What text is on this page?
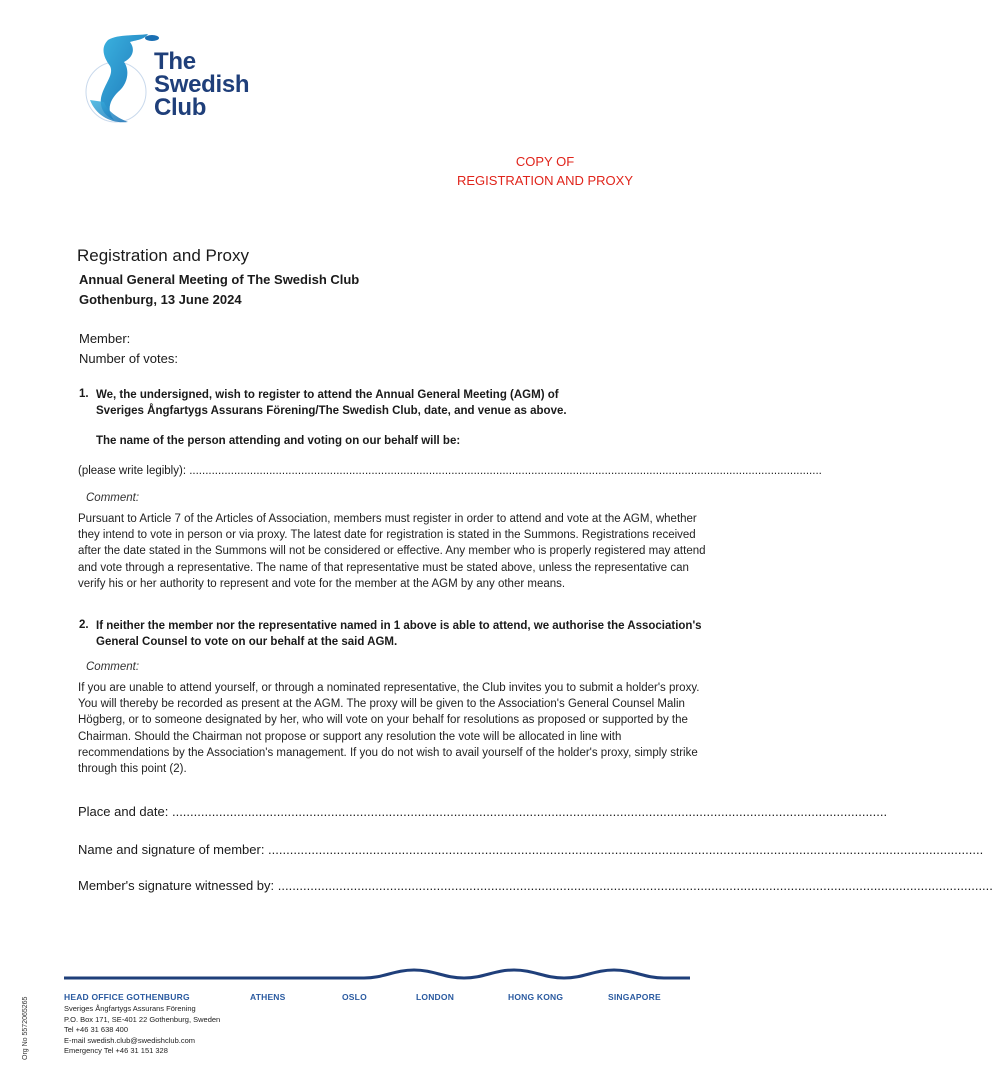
The
Swedish
Club
COPY OF
REGISTRATION AND PROXY
Registration and Proxy
Annual General Meeting of The Swedish Club
Gothenburg, 13 June 2024
Member:
Number of votes:
1. We, the undersigned, wish to register to attend the Annual General Meeting (AGM) of
Sveriges Ångfartygs Assurans Förening/The Swedish Club, date, and venue as above.
The name of the person attending and voting on our behalf will be:
(please write legibly): ......................................................................................................................................................................................................
Comment:
Pursuant to Article 7 of the Articles of Association, members must register in order to attend and vote at the AGM, whether they intend to vote in person or via proxy. The latest date for registration is stated in the Summons. Registrations received after the date stated in the Summons will not be considered or effective. Any member who is properly registered may attend and vote through a representative. The name of that representative must be stated above, unless the representative can verify his or her authority to represent and vote for the member at the AGM by any other means.
2. If neither the member nor the representative named in 1 above is able to attend, we authorise the Association's
General Counsel to vote on our behalf at the said AGM.
Comment:
If you are unable to attend yourself, or through a nominated representative, the Club invites you to submit a holder's proxy. You will thereby be recorded as present at the AGM. The proxy will be given to the Association's General Counsel Malin Högberg, or to someone designated by her, who will vote on your behalf for resolutions as proposed or supported by the Chairman. Should the Chairman not propose or support any resolution the vote will be allocated in line with recommendations by the Association's management. If you do not wish to avail yourself of the holder's proxy, simply strike through this point (2).
Place and date: ......................................................................................................................................................................................................
Name and signature of member: ......................................................................................................................................................................................................
Member's signature witnessed by: ......................................................................................................................................................................................................
HEAD OFFICE GOTHENBURG	ATHENS	OSLO	LONDON	HONG KONG	SINGAPORE
Sveriges Ångfartygs Assurans Förening
P.O. Box 171, SE-401 22 Gothenburg, Sweden
Tel +46 31 638 400
E-mail swedish.club@swedishclub.com
Emergency Tel +46 31 151 328
Org No 5572065265
